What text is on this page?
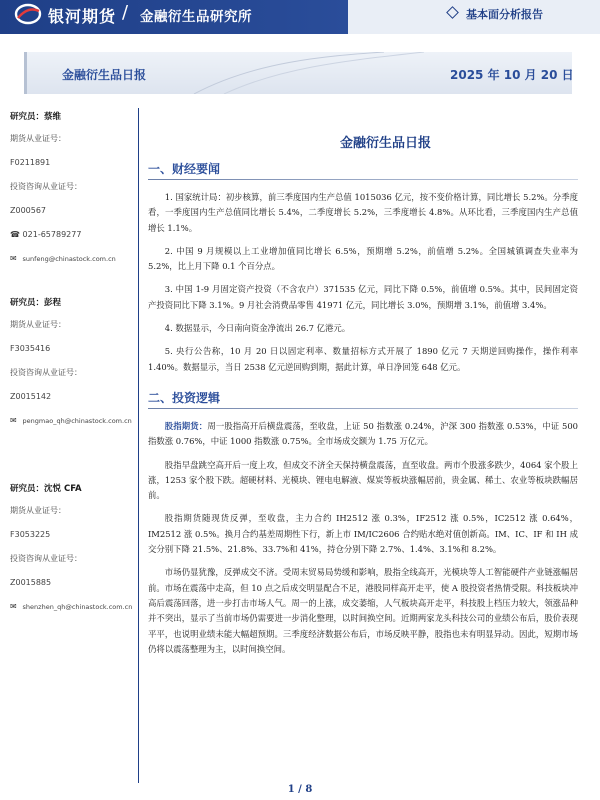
银河期货 / 金融衍生品研究所	基本面分析报告
金融衍生品日报	2025 年 10 月 20 日
研究员：蔡维
期货从业证号：
F0211891
投资咨询从业证号：
Z000567
☎ 021-65789277
✉ sunfeng@chinastock.com.cn
研究员：彭程
期货从业证号：
F3035416
投资咨询从业证号：
Z0015142
✉ pengmao_qh@chinastock.com.cn
研究员：沈悦 CFA
期货从业证号：
F3053225
投资咨询从业证号：
Z0015885
✉ shenzhen_qh@chinastock.com.cn
金融衍生品日报
一、财经要闻

1. 国家统计局：初步核算，前三季度国内生产总值 1015036 亿元，按不变价格计算，同比增长 5.2%。分季度看，一季度国内生产总值同比增长 5.4%，二季度增长 5.2%，三季度增长 4.8%。从环比看，三季度国内生产总值增长 1.1%。

2. 中国 9 月规模以上工业增加值同比增长 6.5%，预期增 5.2%，前值增 5.2%。全国城镇调查失业率为 5.2%，比上月下降 0.1 个百分点。

3. 中国 1-9 月固定资产投资（不含农户）371535 亿元，同比下降 0.5%，前值增 0.5%。其中，民间固定资产投资同比下降 3.1%。9 月社会消费品零售 41971 亿元，同比增长 3.0%，预期增 3.1%，前值增 3.4%。

4. 数据显示，今日南向资金净流出 26.7 亿港元。

5. 央行公告称，10 月 20 日以固定利率、数量招标方式开展了 1890 亿元 7 天期逆回购操作，操作利率 1.40%。数据显示，当日 2538 亿元逆回购到期，据此计算，单日净回笼 648 亿元。

二、投资逻辑

股指期货：周一股指高开后横盘震荡，至收盘，上证 50 指数涨 0.24%，沪深 300 指数涨 0.53%，中证 500 指数涨 0.76%，中证 1000 指数涨 0.75%。全市场成交额为 1.75 万亿元。

股指早盘跳空高开后一度上攻，但成交不济全天保持横盘震荡，直至收盘。两市个股涨多跌少，4064 家个股上涨，1253 家个股下跌。超硬材料、光模块、锂电电解液、煤炭等板块涨幅居前，贵金属、稀土、农业等板块跌幅居前。

股指期货随现货反弹，至收盘，主力合约 IH2512 涨 0.3%，IF2512 涨 0.5%，IC2512 涨 0.64%，IM2512 涨 0.5%。换月合约基差周期性下行，新上市 IM/IC2606 合约贴水绝对值创新高。IM、IC、IF 和 IH 成交分别下降 21.5%、21.8%、33.7%和 41%，持仓分别下降 2.7%、1.4%、3.1%和 8.2%。

市场仍显犹豫，反弹成交不济。受周末贸易局势缓和影响，股指全线高开，光模块等人工智能硬件产业链涨幅居前。市场在震荡中走高，但 10 点之后成交明显配合不足，港股同样高开走平，使 A 股投资者热情受限。科技板块冲高后震荡回落，进一步打击市场人气。周一的上涨，成交萎缩，人气板块高开走平，科技股上档压力较大，领涨品种并不突出，显示了当前市场仍需要进一步消化整理，以时间换空间。近期两家龙头科技公司的业绩公布后，股价表现平平，也说明业绩未能大幅超预期。三季度经济数据公布后，市场反映平静，股指也未有明显异动。因此，短期市场仍将以震荡整理为主，以时间换空间。

1 / 8
